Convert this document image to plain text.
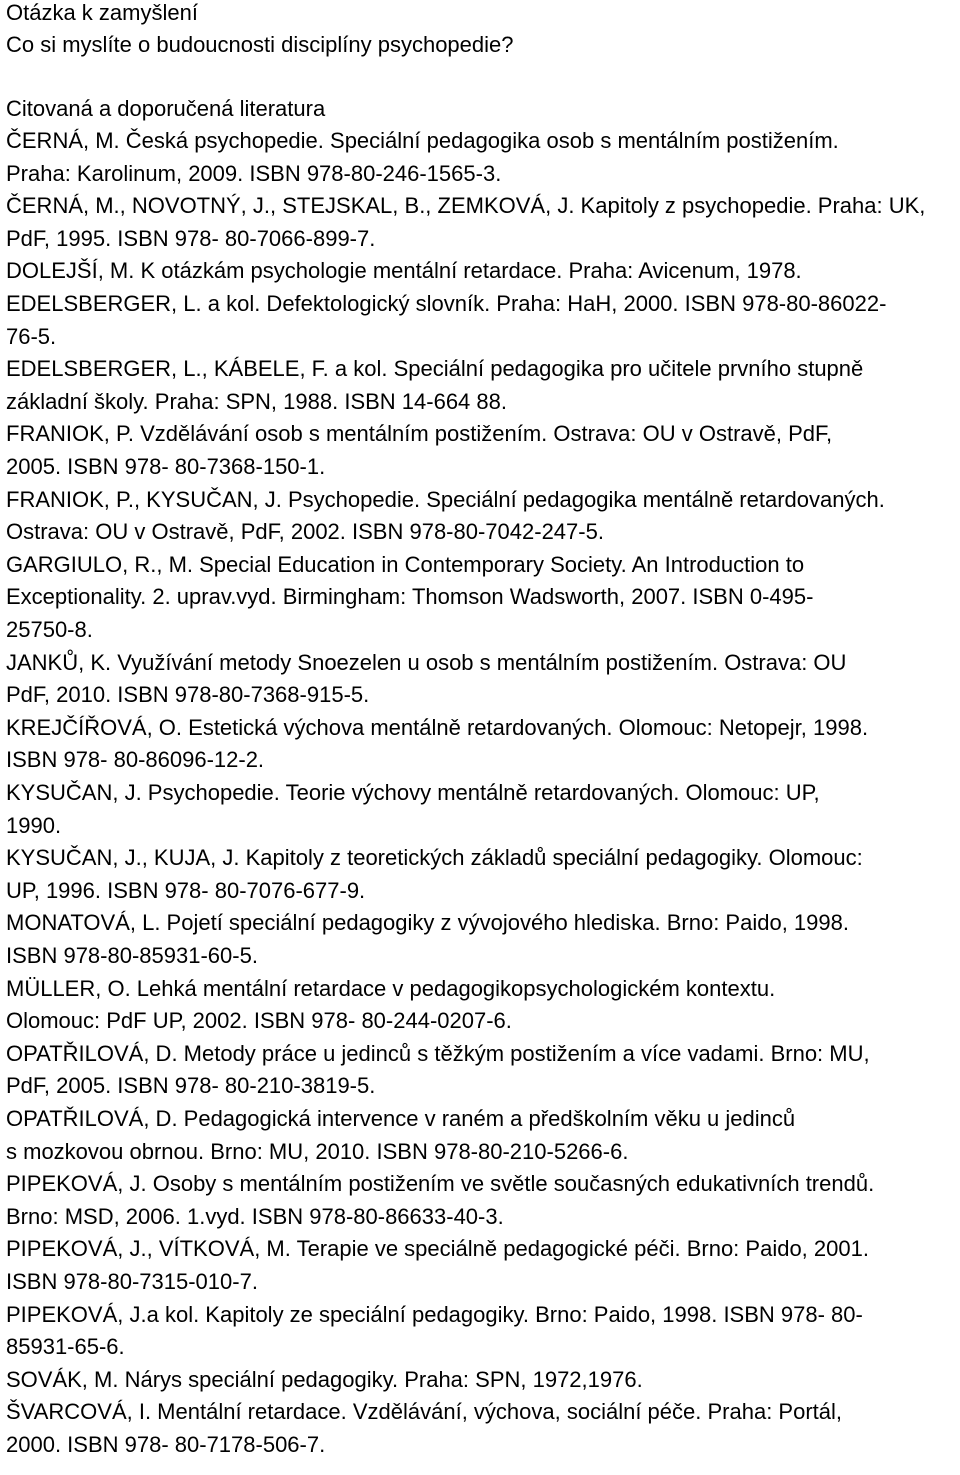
Otázka k zamyšlení
Co si myslíte o budoucnosti disciplíny psychopedie?
Citovaná a doporučená literatura
ČERNÁ, M. Česká psychopedie. Speciální pedagogika osob s mentálním postižením.
Praha: Karolinum, 2009. ISBN 978-80-246-1565-3.
ČERNÁ, M., NOVOTNÝ, J., STEJSKAL, B., ZEMKOVÁ, J. Kapitoly z psychopedie. Praha: UK,
PdF, 1995. ISBN 978- 80-7066-899-7.
DOLEJŠÍ, M. K otázkám psychologie mentální retardace. Praha: Avicenum, 1978.
EDELSBERGER, L. a kol. Defektologický slovník. Praha: HaH, 2000. ISBN 978-80-86022-
76-5.
EDELSBERGER, L., KÁBELE, F. a kol. Speciální pedagogika pro učitele prvního stupně
základní školy. Praha: SPN, 1988. ISBN 14-664 88.
FRANIOK, P. Vzdělávání osob s mentálním postižením. Ostrava: OU v Ostravě, PdF,
2005. ISBN 978- 80-7368-150-1.
FRANIOK, P., KYSUČAN, J. Psychopedie. Speciální pedagogika mentálně retardovaných.
Ostrava: OU v Ostravě, PdF, 2002. ISBN 978-80-7042-247-5.
GARGIULO, R., M. Special Education in Contemporary Society. An Introduction to
Exceptionality. 2. uprav.vyd. Birmingham: Thomson Wadsworth, 2007. ISBN 0-495-
25750-8.
JANKŮ, K. Využívání metody Snoezelen u osob s mentálním postižením. Ostrava: OU
PdF, 2010. ISBN 978-80-7368-915-5.
KREJČÍŘOVÁ, O. Estetická výchova mentálně retardovaných. Olomouc: Netopejr, 1998.
ISBN 978- 80-86096-12-2.
KYSUČAN, J. Psychopedie. Teorie výchovy mentálně retardovaných. Olomouc: UP,
1990.
KYSUČAN, J., KUJA, J. Kapitoly z teoretických základů speciální pedagogiky. Olomouc:
UP, 1996. ISBN 978- 80-7076-677-9.
MONATOVÁ, L. Pojetí speciální pedagogiky z vývojového hlediska. Brno: Paido, 1998.
ISBN 978-80-85931-60-5.
MÜLLER, O. Lehká mentální retardace v pedagogikopsychologickém kontextu.
Olomouc: PdF UP, 2002. ISBN 978- 80-244-0207-6.
OPATŘILOVÁ, D. Metody práce u jedinců s těžkým postižením a více vadami. Brno: MU,
PdF, 2005. ISBN 978- 80-210-3819-5.
OPATŘILOVÁ, D. Pedagogická intervence v raném a předškolním věku u jedinců
s mozkovou obrnou. Brno: MU, 2010. ISBN 978-80-210-5266-6.
PIPEKOVÁ, J. Osoby s mentálním postižením ve světle současných edukativních trendů.
Brno: MSD, 2006. 1.vyd. ISBN 978-80-86633-40-3.
PIPEKOVÁ, J., VÍTKOVÁ, M. Terapie ve speciálně pedagogické péči. Brno: Paido, 2001.
ISBN 978-80-7315-010-7.
PIPEKOVÁ, J.a kol. Kapitoly ze speciální pedagogiky. Brno: Paido, 1998. ISBN 978- 80-
85931-65-6.
SOVÁK, M. Nárys speciální pedagogiky. Praha: SPN, 1972,1976.
ŠVARCOVÁ, I. Mentální retardace. Vzdělávání, výchova, sociální péče. Praha: Portál,
2000. ISBN 978- 80-7178-506-7.
